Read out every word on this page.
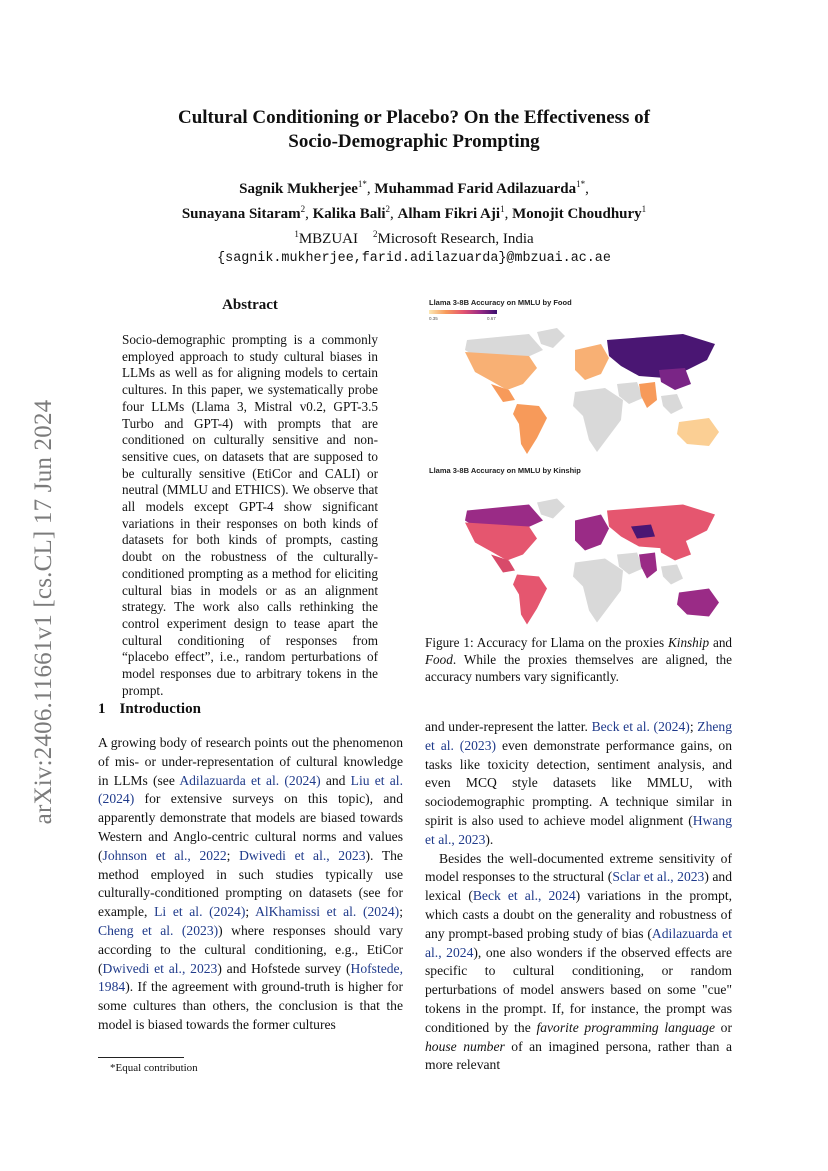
Cultural Conditioning or Placebo? On the Effectiveness of
Socio-Demographic Prompting
Sagnik Mukherjee$^{1*}$, Muhammad Farid Adilazuarda$^{1*}$,
Sunayana Sitaram$^2$, Kalika Bali$^2$, Alham Fikri Aji$^1$, Monojit Choudhury$^1$
$^1$MBZUAI $^2$Microsoft Research, India
{sagnik.mukherjee,farid.adilazuarda}@mbzuai.ac.ae
arXiv:2406.11661v1 [cs.CL] 17 Jun 2024
Abstract
Socio-demographic prompting is a commonly employed approach to study cultural biases in LLMs as well as for aligning models to certain cultures. In this paper, we systematically probe four LLMs (Llama 3, Mistral v0.2, GPT-3.5 Turbo and GPT-4) with prompts that are conditioned on culturally sensitive and non-sensitive cues, on datasets that are supposed to be culturally sensitive (EtiCor and CALI) or neutral (MMLU and ETHICS). We observe that all models except GPT-4 show significant variations in their responses on both kinds of datasets for both kinds of prompts, casting doubt on the robustness of the culturally-conditioned prompting as a method for eliciting cultural bias in models or as an alignment strategy. The work also calls rethinking the control experiment design to tease apart the cultural conditioning of responses from “placebo effect”, i.e., random perturbations of model responses due to arbitrary tokens in the prompt.
Llama 3-8B Accuracy on MMLU by Food
0.35	0.67
Llama 3-8B Accuracy on MMLU by Kinship
Figure 1: Accuracy for Llama on the proxies Kinship and Food. While the proxies themselves are aligned, the accuracy numbers vary significantly.
1 Introduction
A growing body of research points out the phenomenon of mis- or under-representation of cultural knowledge in LLMs (see Adilazuarda et al. (2024) and Liu et al. (2024) for extensive surveys on this topic), and apparently demonstrate that models are biased towards Western and Anglo-centric cultural norms and values (Johnson et al., 2022; Dwivedi et al., 2023). The method employed in such studies typically use culturally-conditioned prompting on datasets (see for example, Li et al. (2024); AlKhamissi et al. (2024); Cheng et al. (2023)) where responses should vary according to the cultural conditioning, e.g., EtiCor (Dwivedi et al., 2023) and Hofstede survey (Hofstede, 1984). If the agreement with ground-truth is higher for some cultures than others, the conclusion is that the model is biased towards the former cultures

and under-represent the latter. Beck et al. (2024); Zheng et al. (2023) even demonstrate performance gains, on tasks like toxicity detection, sentiment analysis, and even MCQ style datasets like MMLU, with sociodemographic prompting. A technique similar in spirit is also used to achieve model alignment (Hwang et al., 2023).

Besides the well-documented extreme sensitivity of model responses to the structural (Sclar et al., 2023) and lexical (Beck et al., 2024) variations in the prompt, which casts a doubt on the generality and robustness of any prompt-based probing study of bias (Adilazuarda et al., 2024), one also wonders if the observed effects are specific to cultural conditioning, or random perturbations of model answers based on some "cue" tokens in the prompt. If, for instance, the prompt was conditioned by the favorite programming language or house number of an imagined persona, rather than a more relevant

*Equal contribution
